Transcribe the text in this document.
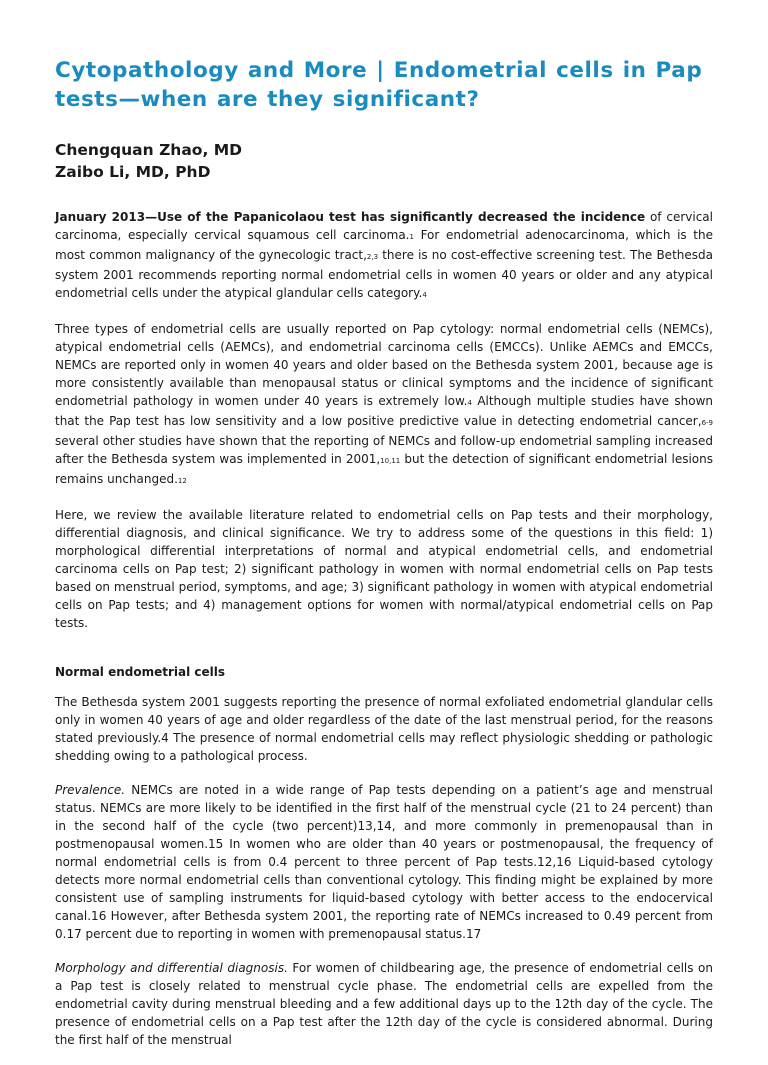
Cytopathology and More | Endometrial cells in Pap tests—when are they significant?
Chengquan Zhao, MD
Zaibo Li, MD, PhD

January 2013—Use of the Papanicolaou test has significantly decreased the incidence of cervical carcinoma, especially cervical squamous cell carcinoma.1 For endometrial adenocarcinoma, which is the most common malignancy of the gynecologic tract,2,3 there is no cost-effective screening test. The Bethesda system 2001 recommends reporting normal endometrial cells in women 40 years or older and any atypical endometrial cells under the atypical glandular cells category.4

Three types of endometrial cells are usually reported on Pap cytology: normal endometrial cells (NEMCs), atypical endometrial cells (AEMCs), and endometrial carcinoma cells (EMCCs). Unlike AEMCs and EMCCs, NEMCs are reported only in women 40 years and older based on the Bethesda system 2001, because age is more consistently available than menopausal status or clinical symptoms and the incidence of significant endometrial pathology in women under 40 years is extremely low.4 Although multiple studies have shown that the Pap test has low sensitivity and a low positive predictive value in detecting endometrial cancer,6-9 several other studies have shown that the reporting of NEMCs and follow-up endometrial sampling increased after the Bethesda system was implemented in 2001,10,11 but the detection of significant endometrial lesions remains unchanged.12

Here, we review the available literature related to endometrial cells on Pap tests and their morphology, differential diagnosis, and clinical significance. We try to address some of the questions in this field: 1) morphological differential interpretations of normal and atypical endometrial cells, and endometrial carcinoma cells on Pap test; 2) significant pathology in women with normal endometrial cells on Pap tests based on menstrual period, symptoms, and age; 3) significant pathology in women with atypical endometrial cells on Pap tests; and 4) management options for women with normal/atypical endometrial cells on Pap tests.

Normal endometrial cells

The Bethesda system 2001 suggests reporting the presence of normal exfoliated endometrial glandular cells only in women 40 years of age and older regardless of the date of the last menstrual period, for the reasons stated previously.4 The presence of normal endometrial cells may reflect physiologic shedding or pathologic shedding owing to a pathological process.

Prevalence. NEMCs are noted in a wide range of Pap tests depending on a patient’s age and menstrual status. NEMCs are more likely to be identified in the first half of the menstrual cycle (21 to 24 percent) than in the second half of the cycle (two percent)13,14, and more commonly in premenopausal than in postmenopausal women.15 In women who are older than 40 years or postmenopausal, the frequency of normal endometrial cells is from 0.4 percent to three percent of Pap tests.12,16 Liquid-based cytology detects more normal endometrial cells than conventional cytology. This finding might be explained by more consistent use of sampling instruments for liquid-based cytology with better access to the endocervical canal.16 However, after Bethesda system 2001, the reporting rate of NEMCs increased to 0.49 percent from 0.17 percent due to reporting in women with premenopausal status.17

Morphology and differential diagnosis. For women of childbearing age, the presence of endometrial cells on a Pap test is closely related to menstrual cycle phase. The endometrial cells are expelled from the endometrial cavity during menstrual bleeding and a few additional days up to the 12th day of the cycle. The presence of endometrial cells on a Pap test after the 12th day of the cycle is considered abnormal. During the first half of the menstrual
